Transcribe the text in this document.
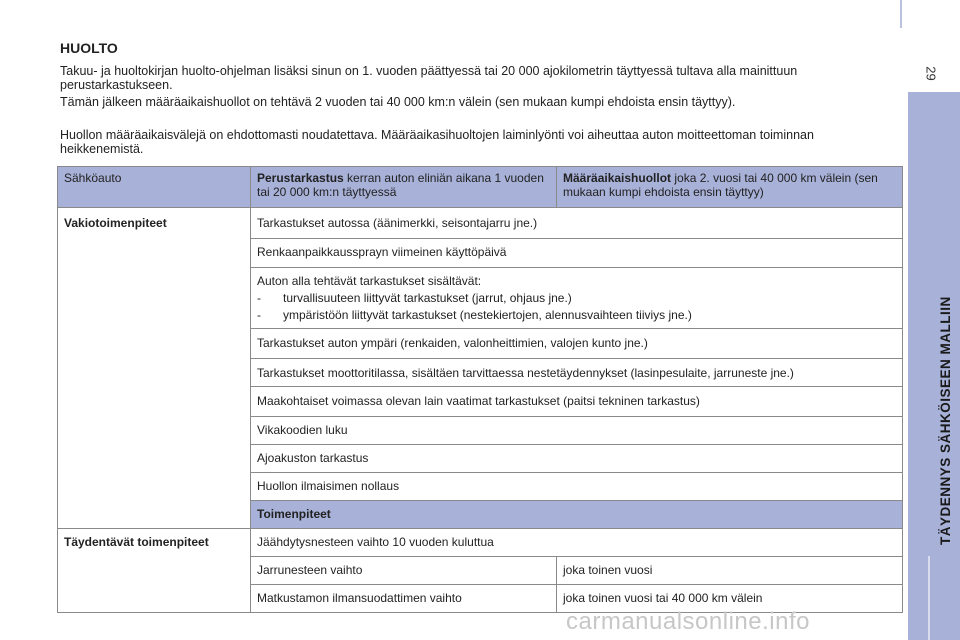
29
TÄYDENNYS SÄHKÖISEEN MALLIIN
HUOLTO

Takuu- ja huoltokirjan huolto-ohjelman lisäksi sinun on 1. vuoden päättyessä tai 20 000 ajokilometrin täyttyessä tultava alla mainittuun perustarkastukseen.

Tämän jälkeen määräaikaishuollot on tehtävä 2 vuoden tai 40 000 km:n välein (sen mukaan kumpi ehdoista ensin täyttyy).

Huollon määräaikaisvälejä on ehdottomasti noudatettava. Määräaikasihuoltojen laiminlyönti voi aiheuttaa auton moitteettoman toiminnan heikkenemistä.

Sähköauto	Perustarkastus kerran auton eliniän aikana 1 vuoden tai 20 000 km:n täyttyessä	Määräaikaishuollot joka 2. vuosi tai 40 000 km välein (sen mukaan kumpi ehdoista ensin täyttyy)
Vakiotoimenpiteet	Tarkastukset autossa (äänimerkki, seisontajarru jne.)	
	Renkaanpaikkaussprayn viimeinen käyttöpäivä	

	Auton alla tehtävät tarkastukset sisältävät:
- turvallisuuteen liittyvät tarkastukset (jarrut, ohjaus jne.)
- ympäristöön liittyvät tarkastukset (nestekiertojen, alennusvaihteen tiiviys jne.)	

	Tarkastukset auton ympäri (renkaiden, valonheittimien, valojen kunto jne.)	
	Tarkastukset moottoritilassa, sisältäen tarvittaessa nestetäydennykset (lasinpesulaite, jarruneste jne.)	
	Maakohtaiset voimassa olevan lain vaatimat tarkastukset (paitsi tekninen tarkastus)	
	Vikakoodien luku	
	Ajoakuston tarkastus	
	Huollon ilmaisimen nollaus	
	Toimenpiteet	
Täydentävät toimenpiteet	Jäähdytysnesteen vaihto 10 vuoden kuluttua	
	Jarrunesteen vaihto	joka toinen vuosi
	Matkustamon ilmansuodattimen vaihto	joka toinen vuosi tai 40 000 km välein
carmanualsonline.info
